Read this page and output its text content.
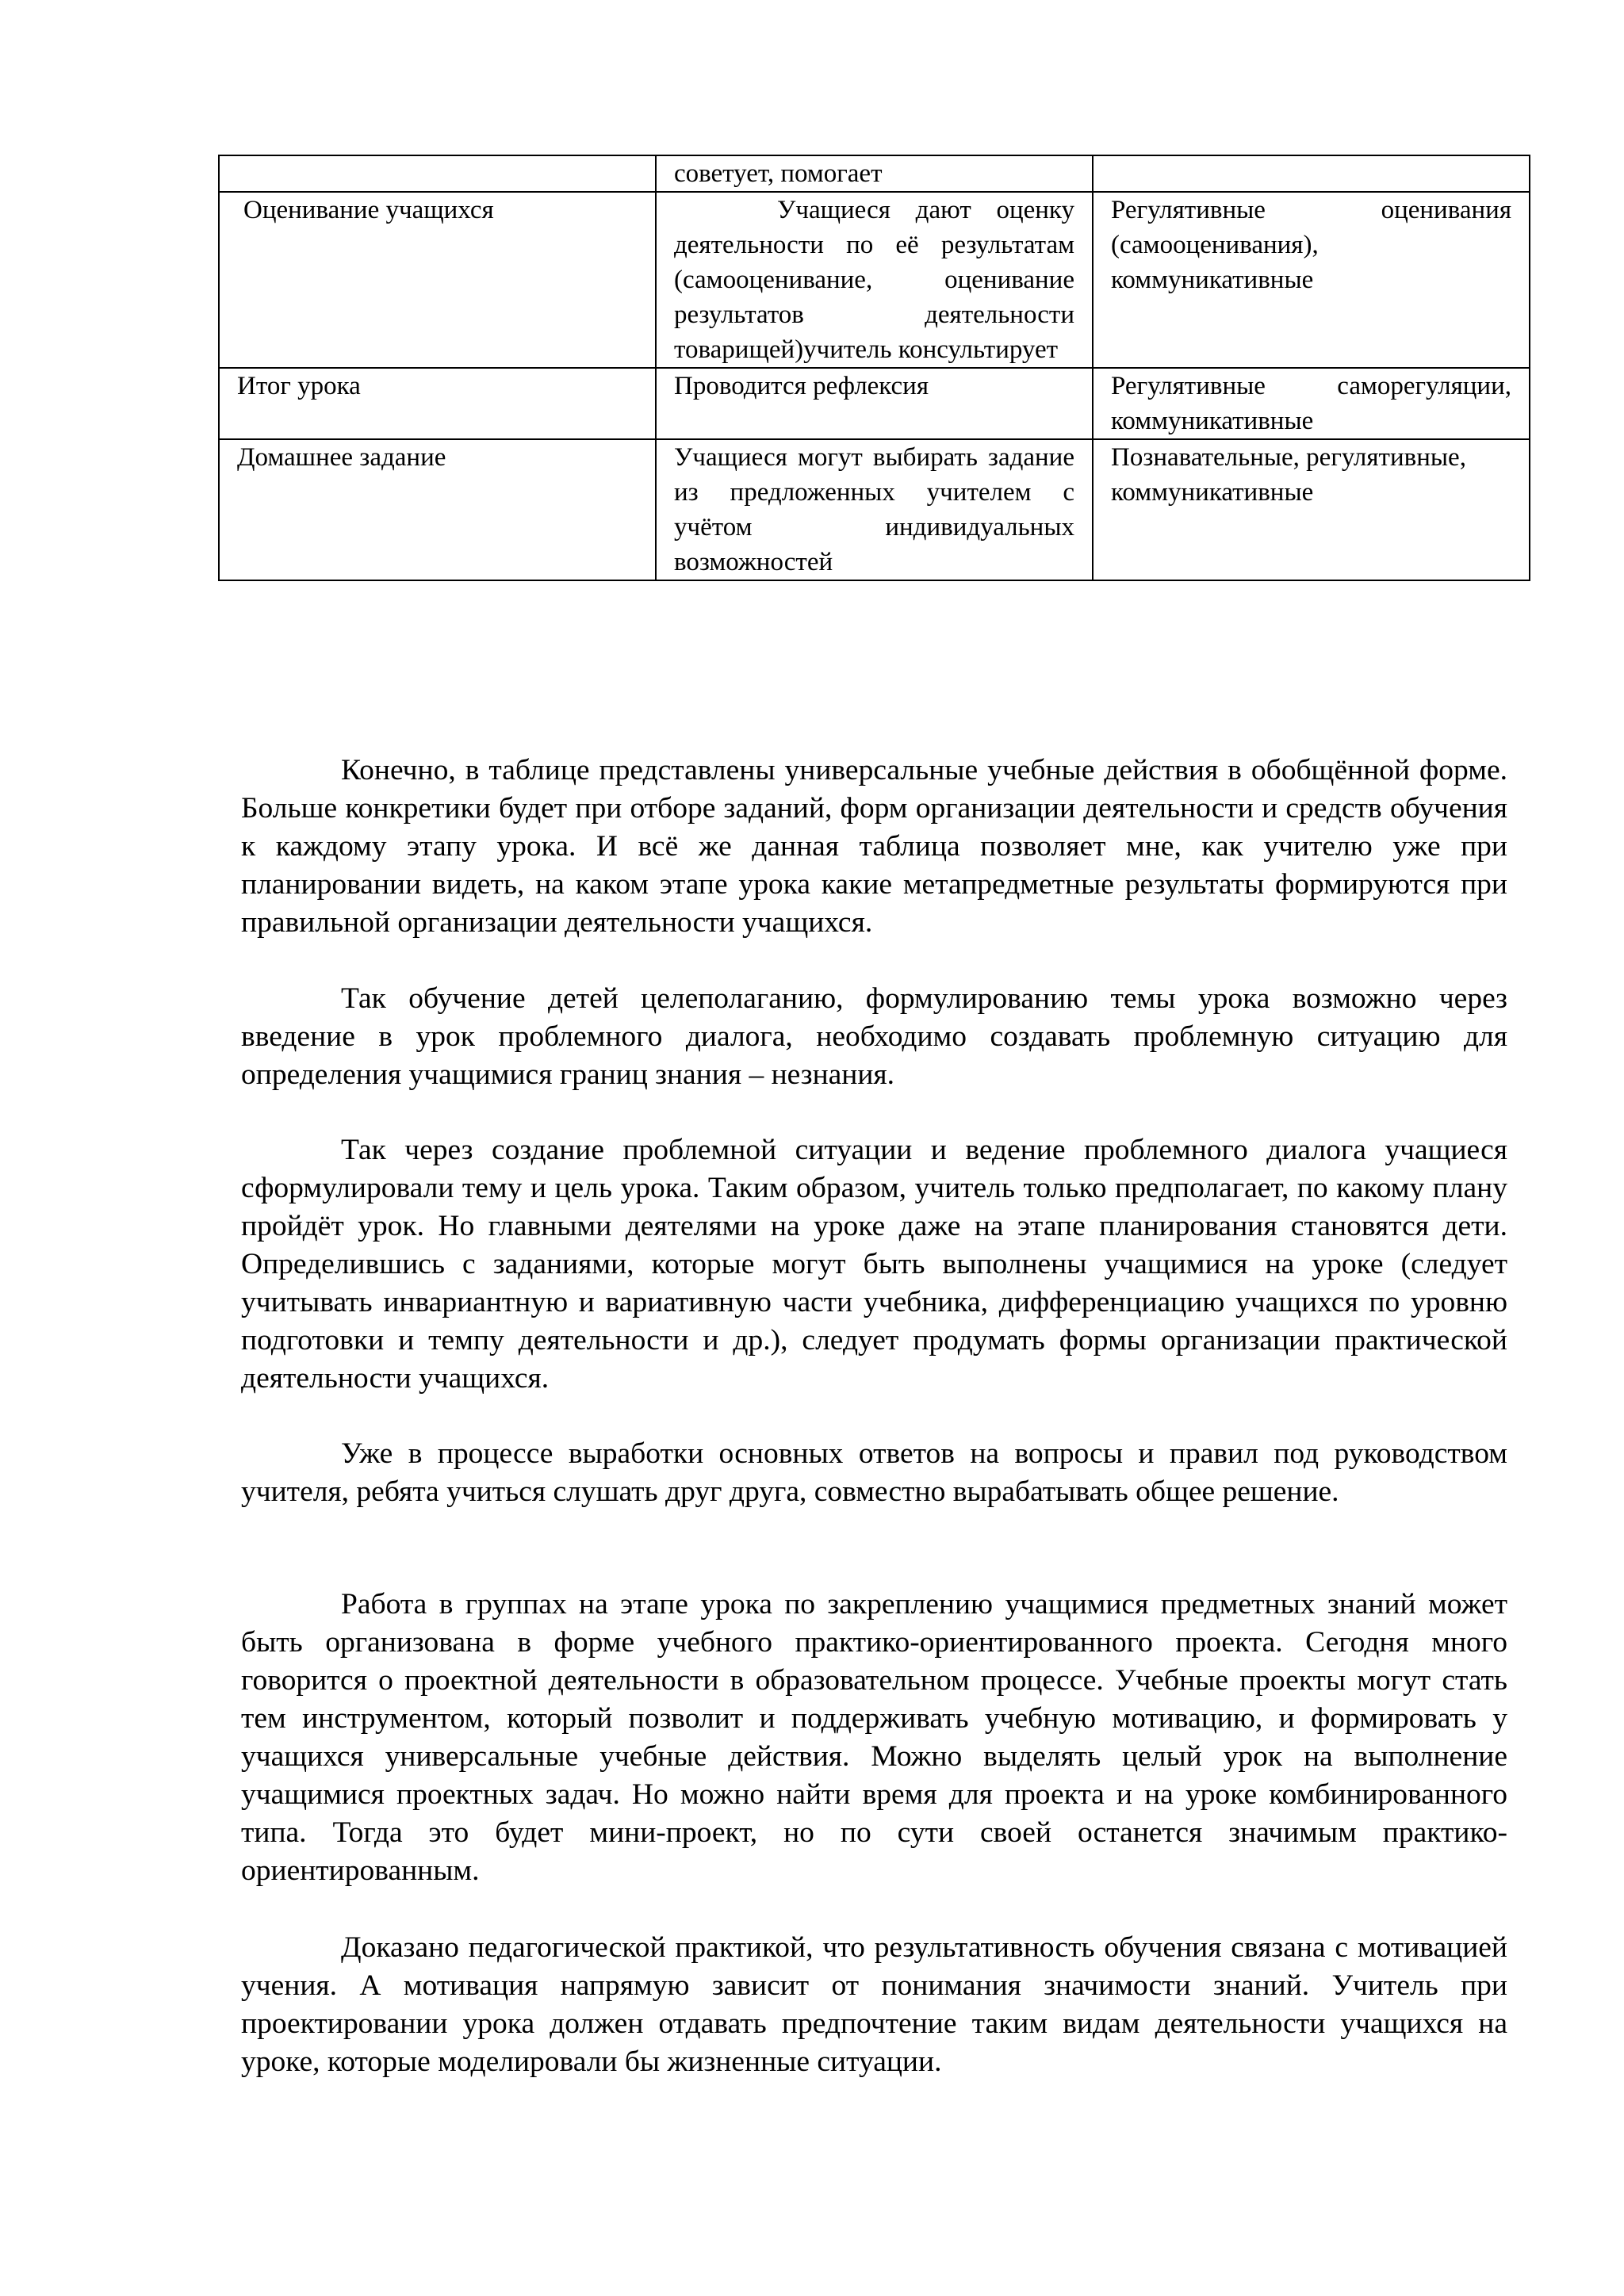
	советует, помогает	
Оценивание учащихся	Учащиеся дают оценку деятельности по её результатам (самооценивание, оценивание результатов деятельности товарищей)учитель консультирует	Регулятивные оценивания (самооценивания), коммуникативные
Итог урока	Проводится рефлексия	Регулятивные саморегуляции, коммуникативные
Домашнее задание	Учащиеся могут выбирать задание из предложенных учителем с учётом индивидуальных возможностей	Познавательные, регулятивные, коммуникативные

Конечно, в таблице представлены универсальные учебные действия в обобщённой форме. Больше конкретики будет при отборе заданий, форм организации деятельности и средств обучения к каждому этапу урока. И всё же данная таблица позволяет мне, как учителю уже при планировании видеть, на каком этапе урока какие метапредметные результаты формируются при правильной организации деятельности учащихся.

Так обучение детей целеполаганию, формулированию темы урока возможно через введение в урок проблемного диалога, необходимо создавать проблемную ситуацию для определения учащимися границ знания – незнания.

Так через создание проблемной ситуации и ведение проблемного диалога учащиеся сформулировали тему и цель урока. Таким образом, учитель только предполагает, по какому плану пройдёт урок. Но главными деятелями на уроке даже на этапе планирования становятся дети. Определившись с заданиями, которые могут быть выполнены учащимися на уроке (следует учитывать инвариантную и вариативную части учебника, дифференциацию учащихся по уровню подготовки и темпу деятельности и др.), следует продумать формы организации практической деятельности учащихся.

Уже в процессе выработки основных ответов на вопросы и правил под руководством учителя, ребята учиться слушать друг друга, совместно вырабатывать общее решение.

Работа в группах на этапе урока по закреплению учащимися предметных знаний может быть организована в форме учебного практико-ориентированного проекта. Сегодня много говорится о проектной деятельности в образовательном процессе. Учебные проекты могут стать тем инструментом, который позволит и поддерживать учебную мотивацию, и формировать у учащихся универсальные учебные действия. Можно выделять целый урок на выполнение учащимися проектных задач. Но можно найти время для проекта и на уроке комбинированного типа. Тогда это будет мини-проект, но по сути своей останется значимым практико-ориентированным.

Доказано педагогической практикой, что результативность обучения связана с мотивацией учения. А мотивация напрямую зависит от понимания значимости знаний. Учитель при проектировании урока должен отдавать предпочтение таким видам деятельности учащихся на уроке, которые моделировали бы жизненные ситуации.
